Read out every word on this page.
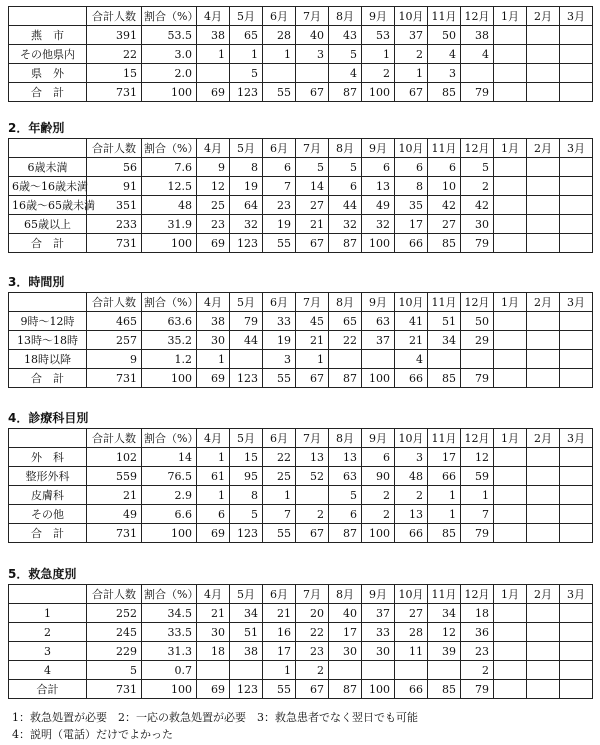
2．年齢別
3．時間別
4．診療科目別
5．救急度別
	合計人数	割合（%）	4月	5月	6月	7月	8月	9月	10月	11月	12月	1月	2月	3月
燕　市	391	53.5	38	65	28	40	43	53	37	50	38			
その他県内	22	3.0	1	1	1	3	5	1	2	4	4			
県　外	15	2.0		5			4	2	1	3				
合　計	731	100	69	123	55	67	87	100	67	85	79			
	合計人数	割合（%）	4月	5月	6月	7月	8月	9月	10月	11月	12月	1月	2月	3月
6歳未満	56	7.6	9	8	6	5	5	6	6	6	5			
6歳～16歳未満	91	12.5	12	19	7	14	6	13	8	10	2			
16歳～65歳未満	351	48	25	64	23	27	44	49	35	42	42			
65歳以上	233	31.9	23	32	19	21	32	32	17	27	30			
合　計	731	100	69	123	55	67	87	100	66	85	79			
	合計人数	割合（%）	4月	5月	6月	7月	8月	9月	10月	11月	12月	1月	2月	3月
9時～12時	465	63.6	38	79	33	45	65	63	41	51	50			
13時～18時	257	35.2	30	44	19	21	22	37	21	34	29			
18時以降	9	1.2	1		3	1			4					
合　計	731	100	69	123	55	67	87	100	66	85	79			
	合計人数	割合（%）	4月	5月	6月	7月	8月	9月	10月	11月	12月	1月	2月	3月
外　科	102	14	1	15	22	13	13	6	3	17	12			
整形外科	559	76.5	61	95	25	52	63	90	48	66	59			
皮膚科	21	2.9	1	8	1		5	2	2	1	1			
その他	49	6.6	6	5	7	2	6	2	13	1	7			
合　計	731	100	69	123	55	67	87	100	66	85	79			
	合計人数	割合（%）	4月	5月	6月	7月	8月	9月	10月	11月	12月	1月	2月	3月
1	252	34.5	21	34	21	20	40	37	27	34	18			
2	245	33.5	30	51	16	22	17	33	28	12	36			
3	229	31.3	18	38	17	23	30	30	11	39	23			
4	5	0.7			1	2					2			
合計	731	100	69	123	55	67	87	100	66	85	79			
1：救急処置が必要　2：一応の救急処置が必要　3：救急患者でなく翌日でも可能
4：説明（電話）だけでよかった
